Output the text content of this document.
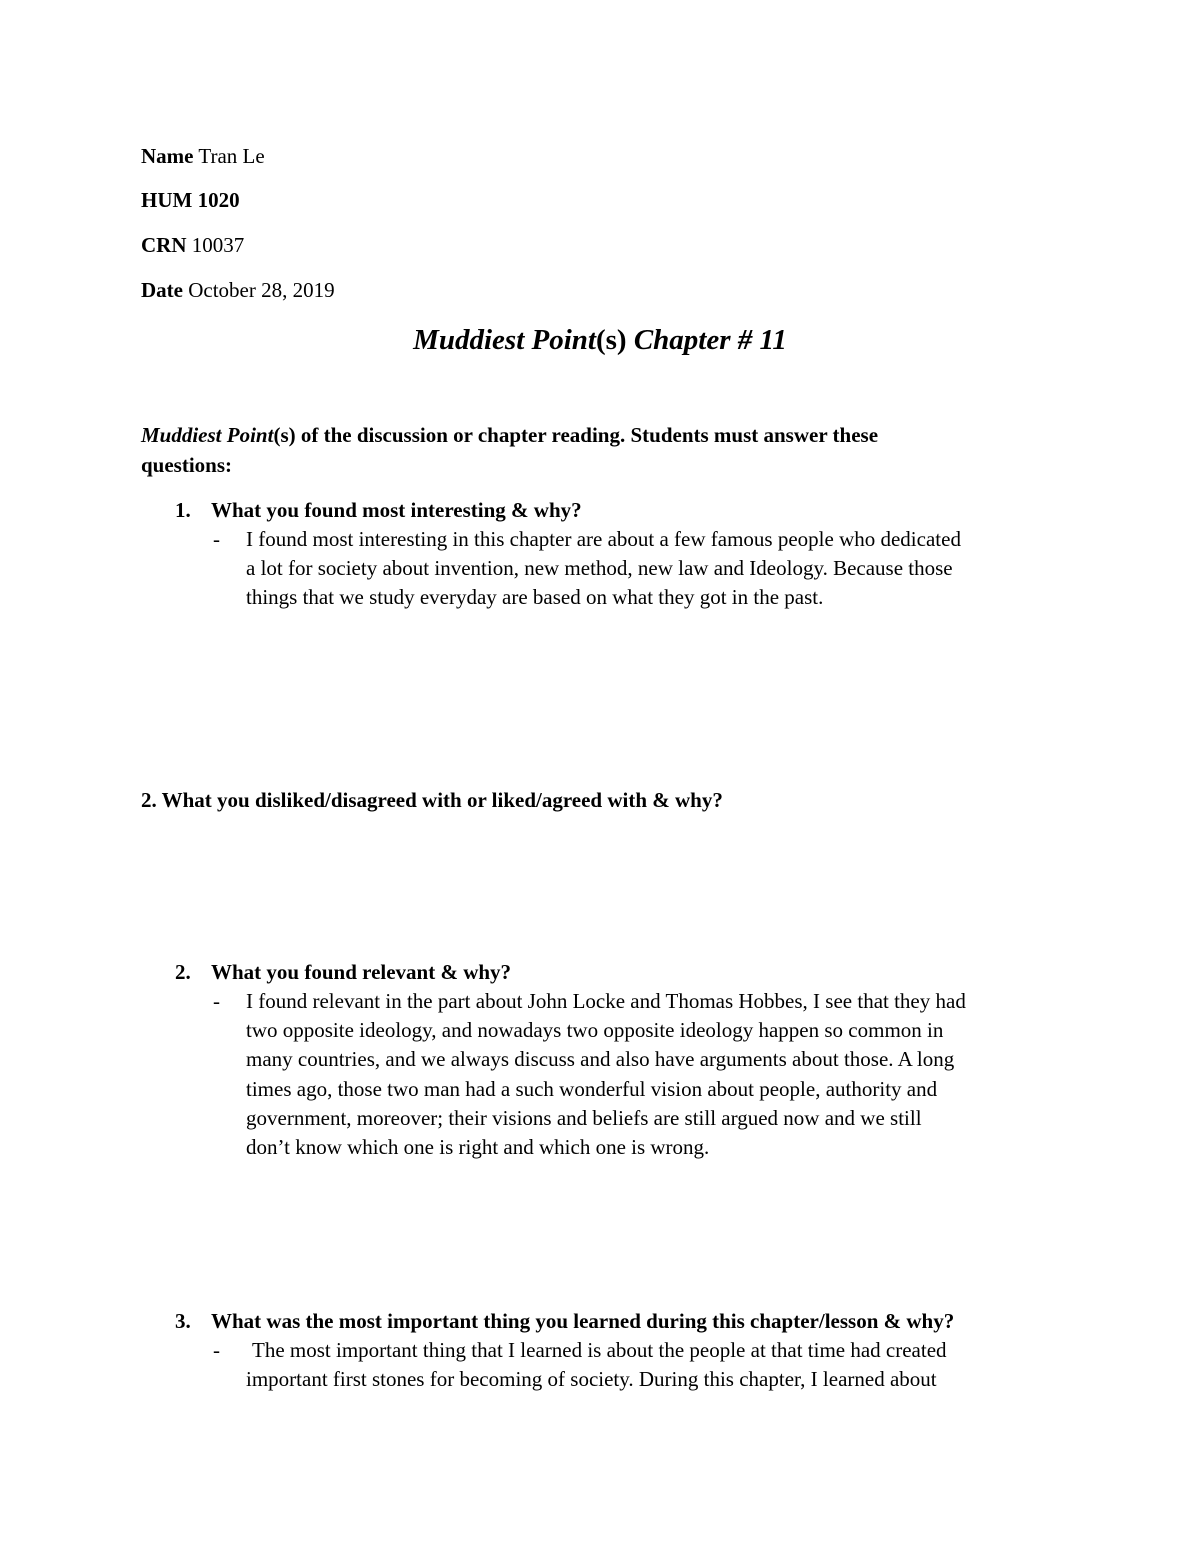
Name Tran Le
HUM 1020
CRN 10037
Date October 28, 2019
Muddiest Point(s) Chapter # 11
Muddiest Point(s) of the discussion or chapter reading. Students must answer these
questions:
1. What you found most interesting & why?
- I found most interesting in this chapter are about a few famous people who dedicated
a lot for society about invention, new method, new law and Ideology. Because those
things that we study everyday are based on what they got in the past.
2. What you disliked/disagreed with or liked/agreed with & why?
2. What you found relevant & why?
- I found relevant in the part about John Locke and Thomas Hobbes, I see that they had
two opposite ideology, and nowadays two opposite ideology happen so common in
many countries, and we always discuss and also have arguments about those. A long
times ago, those two man had a such wonderful vision about people, authority and
government, moreover; their visions and beliefs are still argued now and we still
don’t know which one is right and which one is wrong.
3. What was the most important thing you learned during this chapter/lesson & why?
- The most important thing that I learned is about the people at that time had created
important first stones for becoming of society. During this chapter, I learned about
